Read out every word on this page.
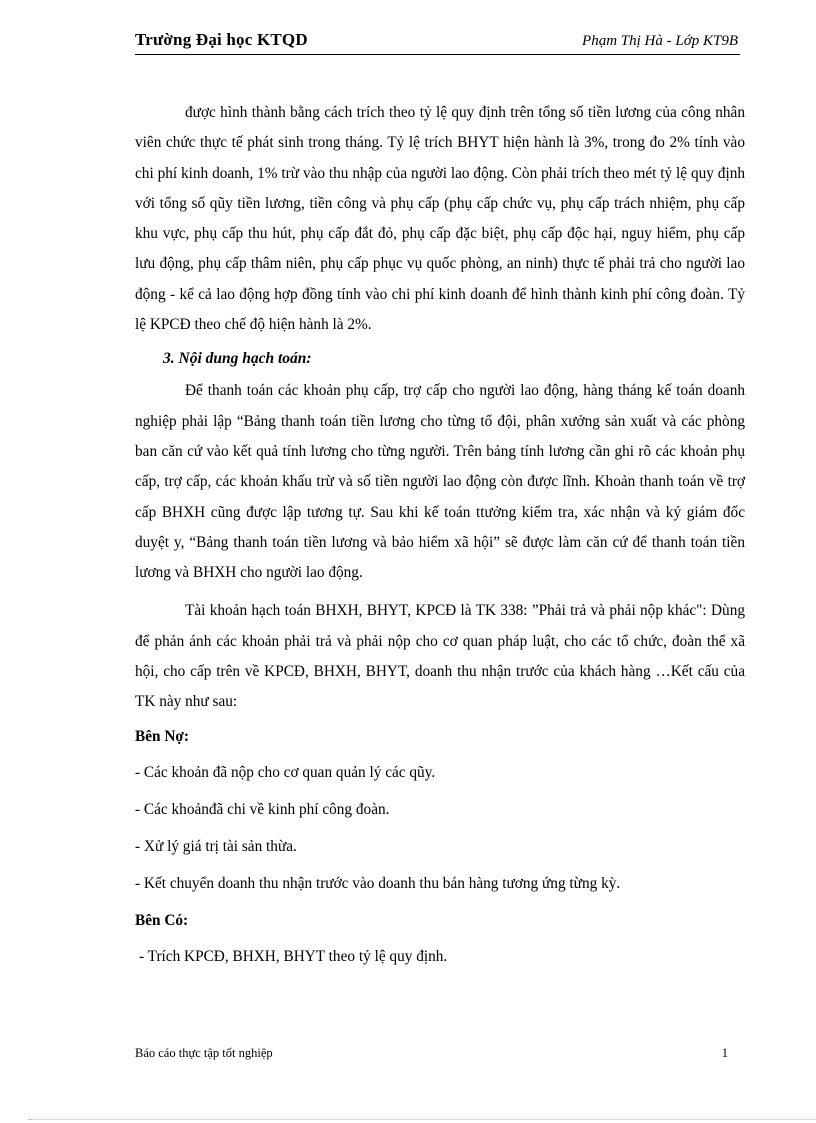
Trường Đại học KTQD	Phạm Thị Hà - Lớp KT9B

được hình thành bằng cách trích theo tỷ lệ quy định trên tổng số tiền lương của công nhân viên chức thực tế phát sinh trong tháng. Tỷ lệ trích BHYT hiện hành là 3%, trong đo 2% tính vào chi phí kinh doanh, 1% trừ vào thu nhập của người lao động. Còn phải trích theo mét tỷ lệ quy định với tổng số qũy tiền lương, tiền công và phụ cấp (phụ cấp chức vụ, phụ cấp trách nhiệm, phụ cấp khu vực, phụ cấp thu hút, phụ cấp đắt đỏ, phụ cấp đặc biệt, phụ cấp độc hại, nguy hiểm, phụ cấp lưu động, phụ cấp thâm niên, phụ cấp phục vụ quốc phòng, an ninh) thực tế phải trả cho người lao động - kể cả lao động hợp đồng tính vào chi phí kinh doanh để hình thành kinh phí công đoàn. Tỷ lệ KPCĐ theo chế độ hiện hành là 2%.

3. Nội dung hạch toán:

Để thanh toán các khoản phụ cấp, trợ cấp cho người lao động, hàng tháng kế toán doanh nghiệp phải lập “Bảng thanh toán tiền lương cho từng tổ đội, phân xưởng sản xuất và các phòng ban căn cứ vào kết quả tính lương cho từng người. Trên bảng tính lương cần ghi rõ các khoản phụ cấp, trợ cấp, các khoản khấu trừ và số tiền người lao động còn được lĩnh. Khoản thanh toán về trợ cấp BHXH cũng được lập tương tự. Sau khi kế toán ttưởng kiểm tra, xác nhận và ký giám đốc duyệt y, “Bảng thanh toán tiền lương và bảo hiểm xã hội” sẽ được làm căn cứ để thanh toán tiền lương và BHXH cho người lao động.

Tài khoản hạch toán BHXH, BHYT, KPCĐ là TK 338: ”Phải trả và phải nộp khác": Dùng để phản ánh các khoản phải trả và phải nộp cho cơ quan pháp luật, cho các tổ chức, đoàn thể xã hội, cho cấp trên về KPCĐ, BHXH, BHYT, doanh thu nhận trước của khách hàng …Kết cấu của TK này như sau:

Bên Nợ:

- Các khoản đã nộp cho cơ quan quản lý các qũy.

- Các khoảnđã chi về kinh phí công đoàn.

- Xử lý giá trị tài sản thừa.

- Kết chuyển doanh thu nhận trước vào doanh thu bán hàng tương ứng từng kỳ.

Bên Có:

- Trích KPCĐ, BHXH, BHYT theo tỷ lệ quy định.

Báo cáo thực tập tốt nghiệp	1
